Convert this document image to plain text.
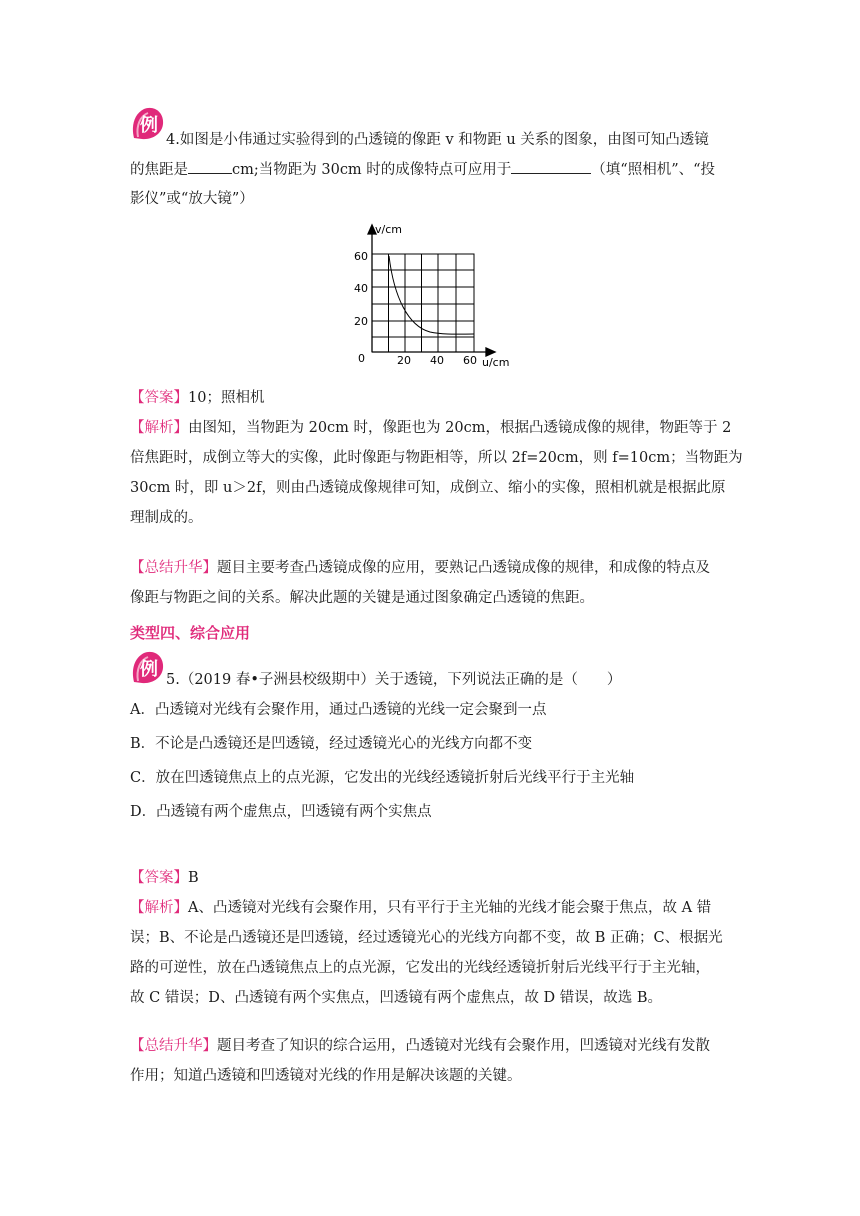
例
4.如图是小伟通过实验得到的凸透镜的像距 v 和物距 u 关系的图象，由图可知凸透镜
的焦距是	cm;当物距为 30cm 时的成像特点可应用于	（填“照相机”、“投
影仪”或“放大镜”）
v/cm
u/cm
60
40
20
0	20 40 60
【答案】10；照相机
【解析】由图知，当物距为 20cm 时，像距也为 20cm，根据凸透镜成像的规律，物距等于 2
倍焦距时，成倒立等大的实像，此时像距与物距相等，所以 2f=20cm，则 f=10cm；当物距为
30cm 时，即 u＞2f，则由凸透镜成像规律可知，成倒立、缩小的实像，照相机就是根据此原
理制成的。
【总结升华】题目主要考查凸透镜成像的应用，要熟记凸透镜成像的规律，和成像的特点及
像距与物距之间的关系。解决此题的关键是通过图象确定凸透镜的焦距。
类型四、综合应用
例 5.（2019 春•子洲县校级期中）关于透镜，下列说法正确的是（　　）
A．凸透镜对光线有会聚作用，通过凸透镜的光线一定会聚到一点
B．不论是凸透镜还是凹透镜，经过透镜光心的光线方向都不变
C．放在凹透镜焦点上的点光源，它发出的光线经透镜折射后光线平行于主光轴
D．凸透镜有两个虚焦点，凹透镜有两个实焦点
【答案】B
【解析】A、凸透镜对光线有会聚作用，只有平行于主光轴的光线才能会聚于焦点，故 A 错
误；B、不论是凸透镜还是凹透镜，经过透镜光心的光线方向都不变，故 B 正确；C、根据光
路的可逆性，放在凸透镜焦点上的点光源，它发出的光线经透镜折射后光线平行于主光轴，
故 C 错误；D、凸透镜有两个实焦点，凹透镜有两个虚焦点，故 D 错误，故选 B。
【总结升华】题目考查了知识的综合运用，凸透镜对光线有会聚作用，凹透镜对光线有发散
作用；知道凸透镜和凹透镜对光线的作用是解决该题的关键。
